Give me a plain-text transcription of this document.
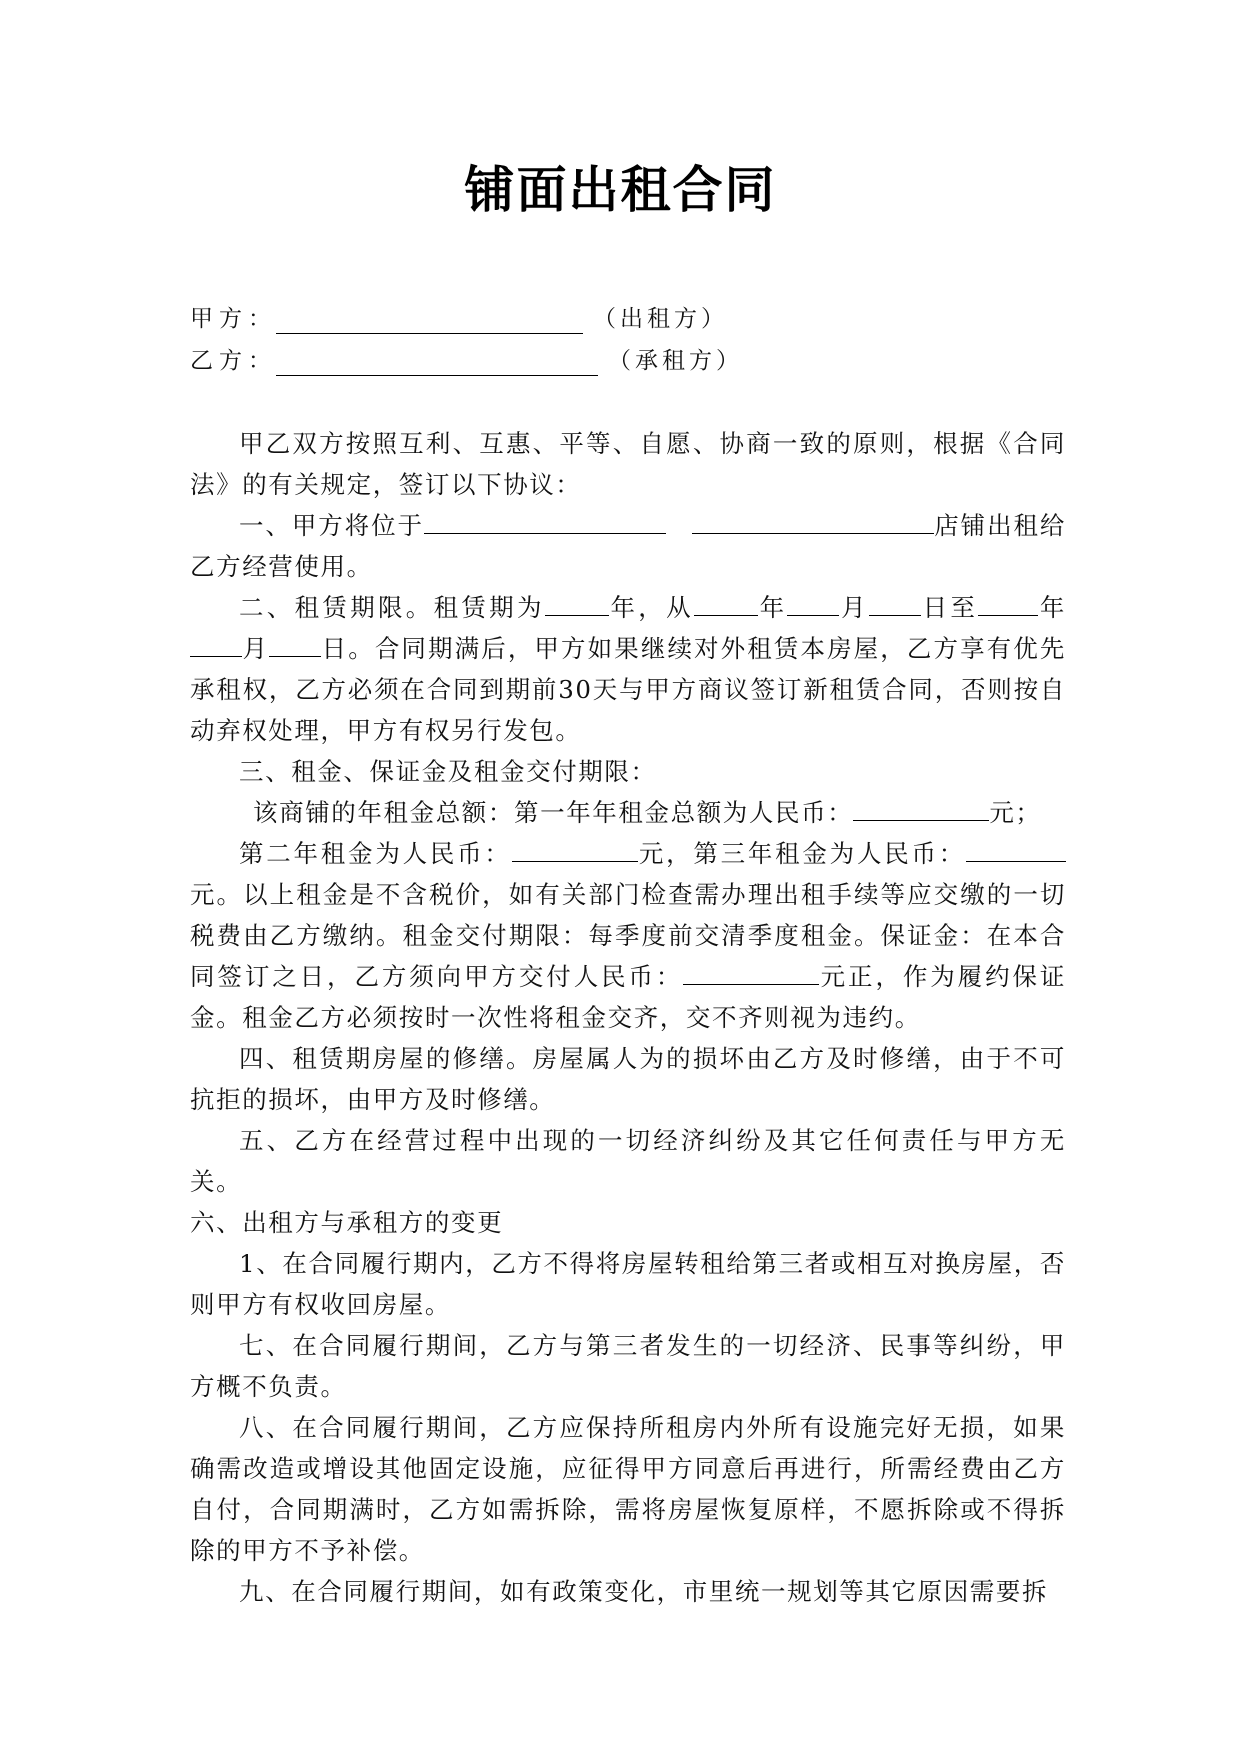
铺面出租合同
甲方：	（出租方）
乙方：	（承租方）

甲乙双方按照互利、互惠、平等、自愿、协商一致的原则，根据《合同法》的有关规定，签订以下协议：

一、甲方将位于	店铺出租给乙方经营使用。

二、租赁期限。租赁期为	年，从	年 月 日至 年月 日。合同期满后，甲方如果继续对外租赁本房屋，乙方享有优先承租权，乙方必须在合同到期前30天与甲方商议签订新租赁合同，否则按自动弃权处理，甲方有权另行发包。

三、租金、保证金及租金交付期限：

该商铺的年租金总额：第一年年租金总额为人民币：	元；

第二年租金为人民币：	元，第三年租金为人民币：元。以上租金是不含税价，如有关部门检查需办理出租手续等应交缴的一切税费由乙方缴纳。租金交付期限：每季度前交清季度租金。保证金：在本合同签订之日，乙方须向甲方交付人民币：	元正，作为履约保证金。租金乙方必须按时一次性将租金交齐，交不齐则视为违约。

四、租赁期房屋的修缮。房屋属人为的损坏由乙方及时修缮，由于不可抗拒的损坏，由甲方及时修缮。

五、乙方在经营过程中出现的一切经济纠纷及其它任何责任与甲方无关。

六、出租方与承租方的变更

1、在合同履行期内，乙方不得将房屋转租给第三者或相互对换房屋，否则甲方有权收回房屋。

七、在合同履行期间，乙方与第三者发生的一切经济、民事等纠纷，甲方概不负责。

八、在合同履行期间，乙方应保持所租房内外所有设施完好无损，如果确需改造或增设其他固定设施，应征得甲方同意后再进行，所需经费由乙方自付，合同期满时，乙方如需拆除，需将房屋恢复原样，不愿拆除或不得拆除的甲方不予补偿。

九、在合同履行期间，如有政策变化，市里统一规划等其它原因需要拆
